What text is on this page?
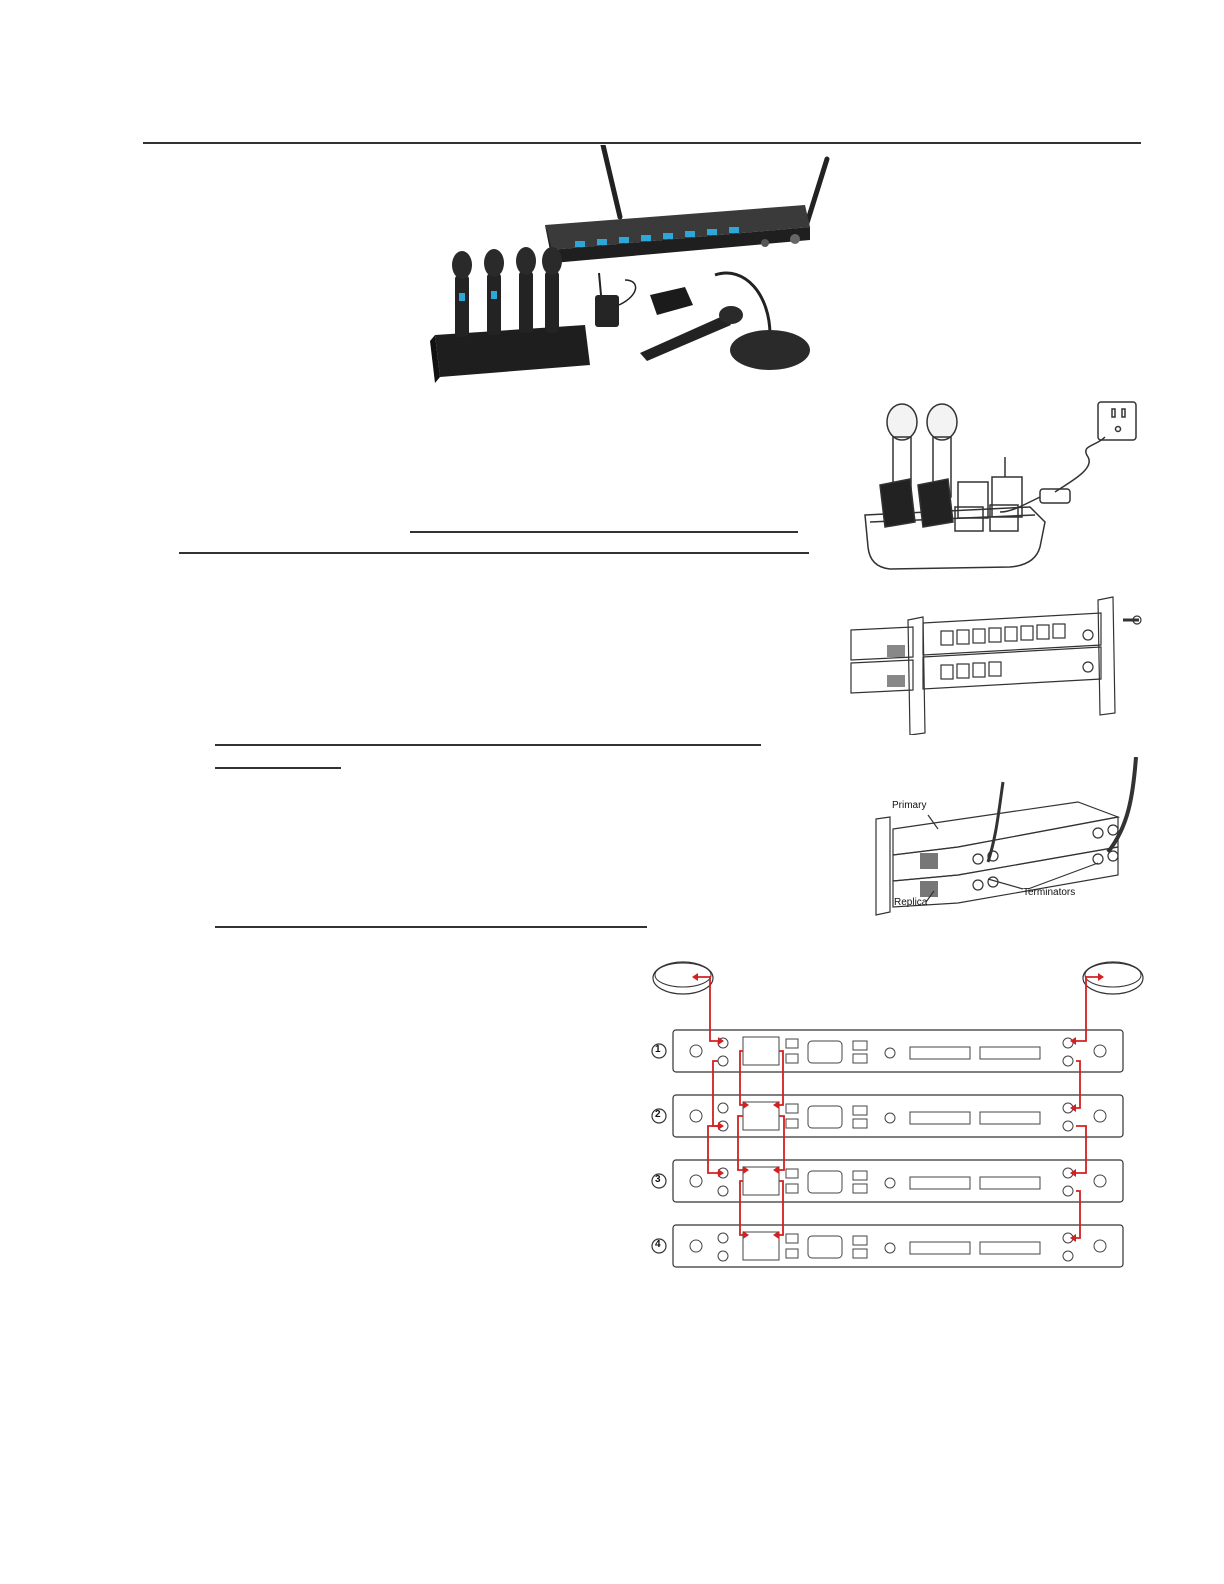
Primary
Replica
Terminators
1
2
3
4
